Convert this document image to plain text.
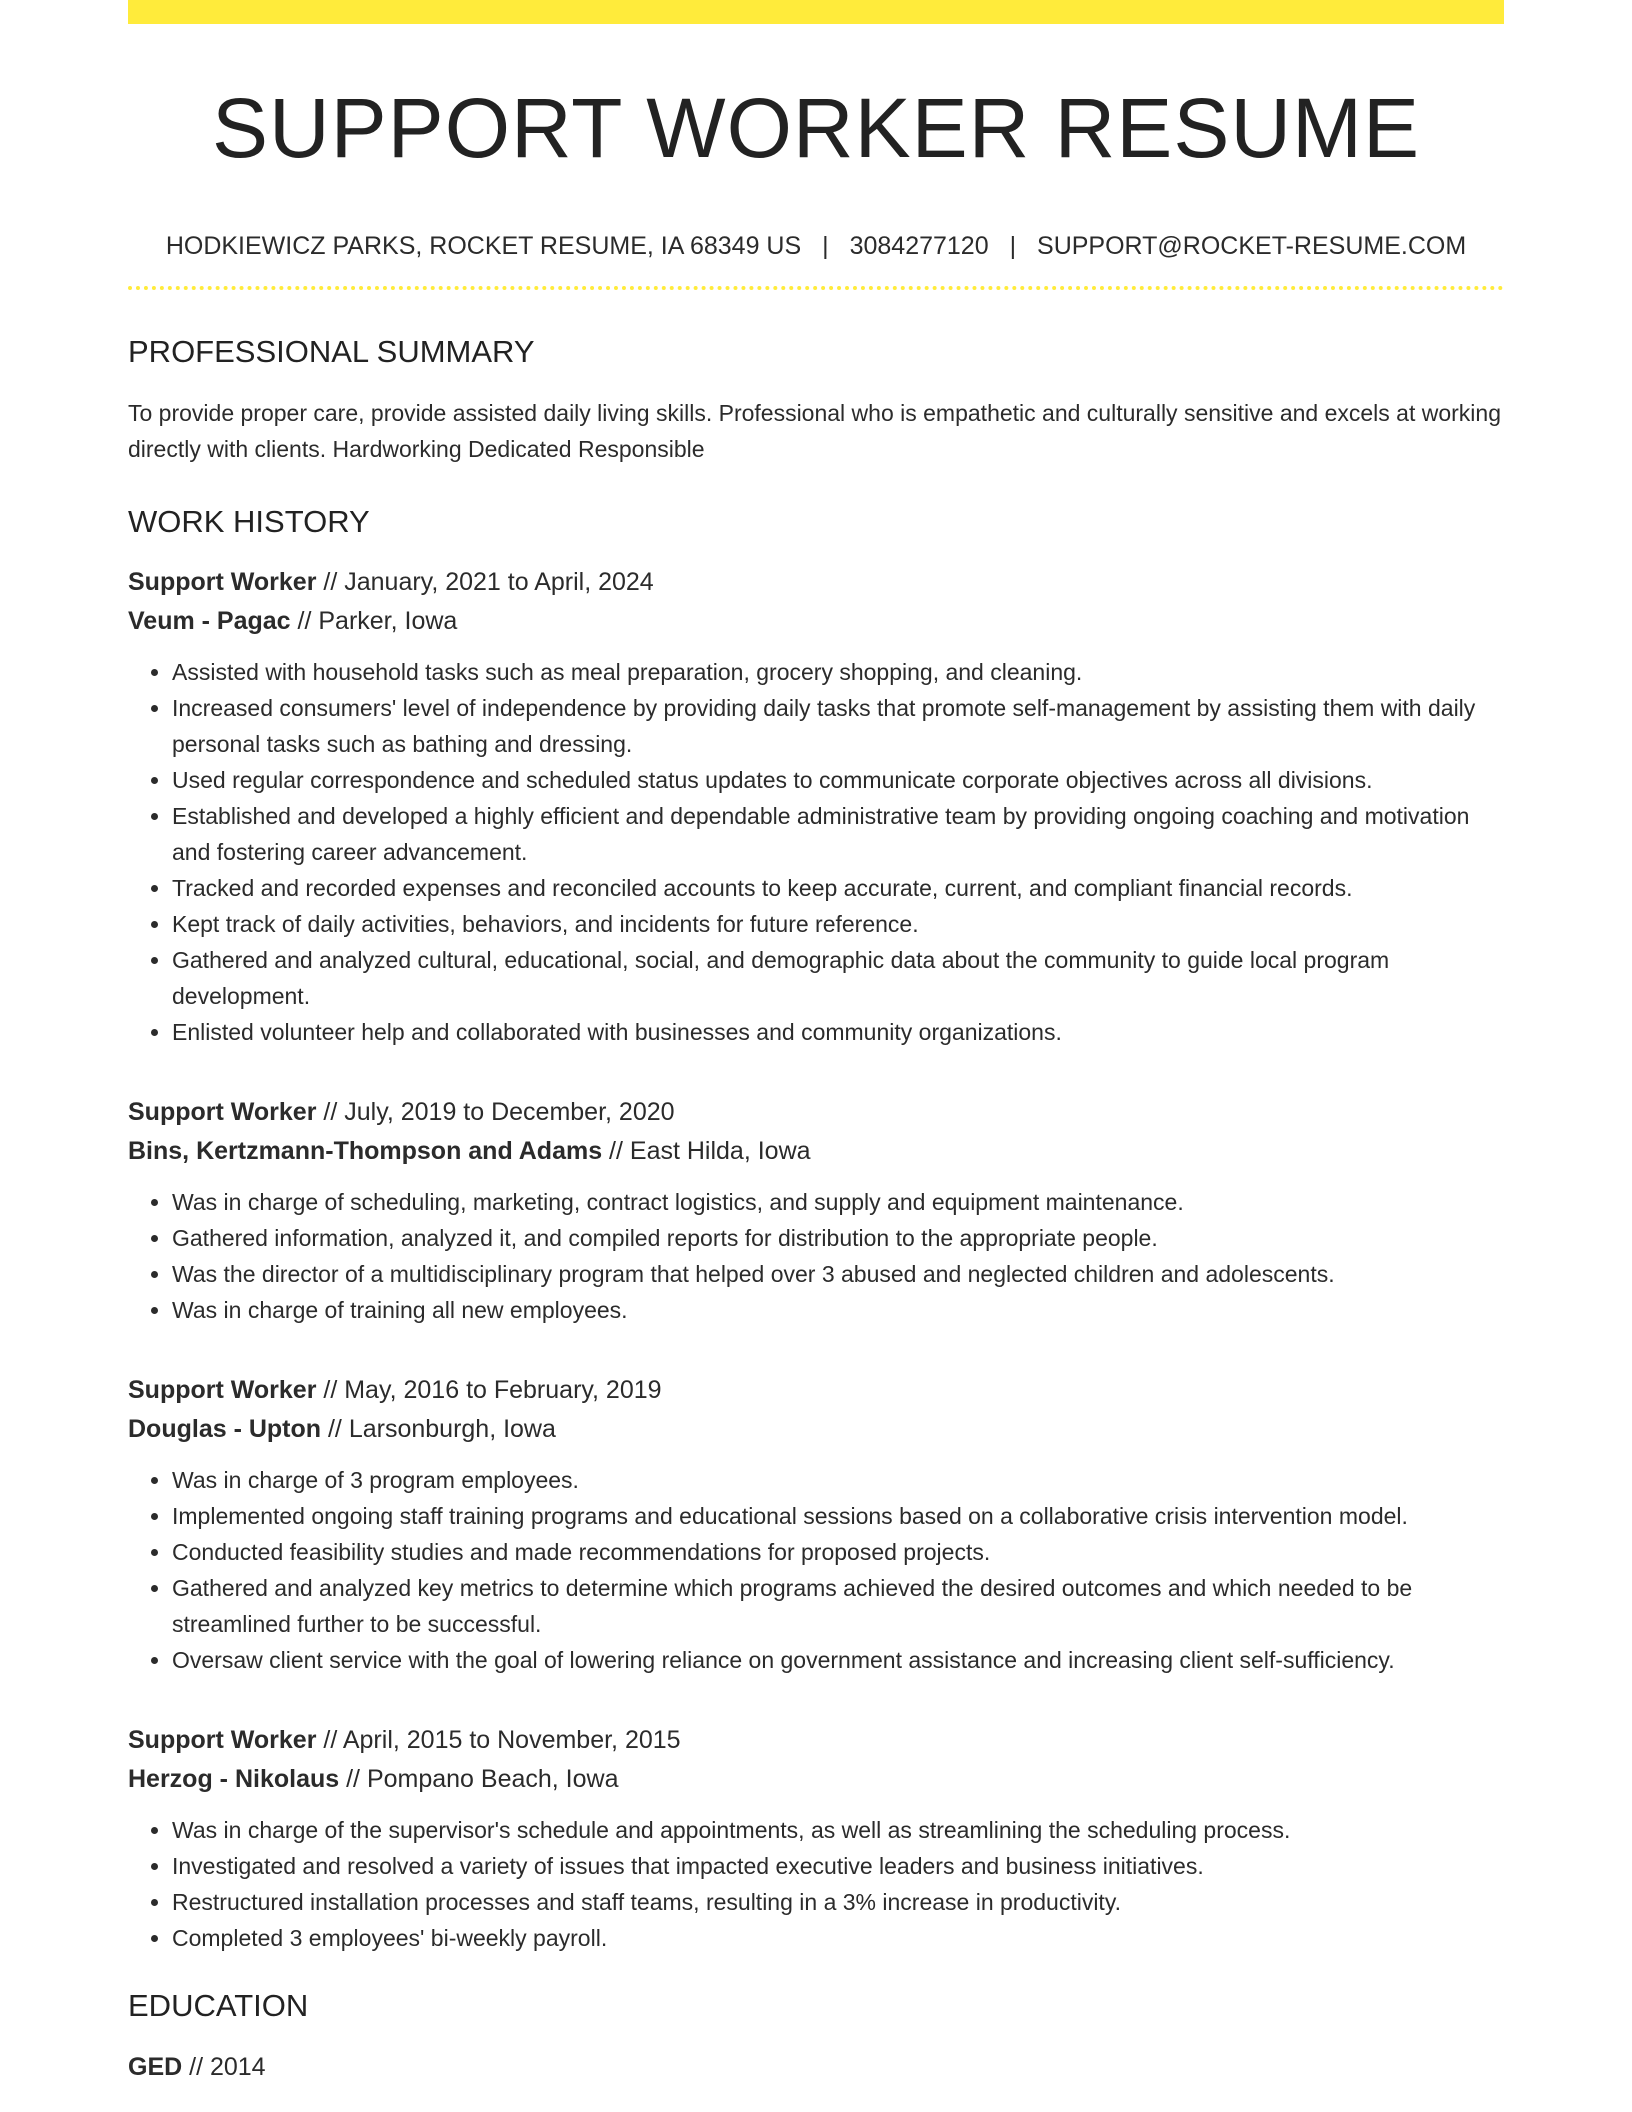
SUPPORT WORKER RESUME
HODKIEWICZ PARKS, ROCKET RESUME, IA 68349 US | 3084277120 | SUPPORT@ROCKET-RESUME.COM
PROFESSIONAL SUMMARY
To provide proper care, provide assisted daily living skills. Professional who is empathetic and culturally sensitive and excels at working directly with clients. Hardworking Dedicated Responsible
WORK HISTORY
Support Worker // January, 2021 to April, 2024
Veum - Pagac // Parker, Iowa
• Assisted with household tasks such as meal preparation, grocery shopping, and cleaning.
• Increased consumers' level of independence by providing daily tasks that promote self-management by assisting them with daily personal tasks such as bathing and dressing.
• Used regular correspondence and scheduled status updates to communicate corporate objectives across all divisions.
• Established and developed a highly efficient and dependable administrative team by providing ongoing coaching and motivation and fostering career advancement.
• Tracked and recorded expenses and reconciled accounts to keep accurate, current, and compliant financial records.
• Kept track of daily activities, behaviors, and incidents for future reference.
• Gathered and analyzed cultural, educational, social, and demographic data about the community to guide local program development.
• Enlisted volunteer help and collaborated with businesses and community organizations.
Support Worker // July, 2019 to December, 2020
Bins, Kertzmann-Thompson and Adams // East Hilda, Iowa
• Was in charge of scheduling, marketing, contract logistics, and supply and equipment maintenance.
• Gathered information, analyzed it, and compiled reports for distribution to the appropriate people.
• Was the director of a multidisciplinary program that helped over 3 abused and neglected children and adolescents.
• Was in charge of training all new employees.
Support Worker // May, 2016 to February, 2019
Douglas - Upton // Larsonburgh, Iowa
• Was in charge of 3 program employees.
• Implemented ongoing staff training programs and educational sessions based on a collaborative crisis intervention model.
• Conducted feasibility studies and made recommendations for proposed projects.
• Gathered and analyzed key metrics to determine which programs achieved the desired outcomes and which needed to be streamlined further to be successful.
• Oversaw client service with the goal of lowering reliance on government assistance and increasing client self-sufficiency.
Support Worker // April, 2015 to November, 2015
Herzog - Nikolaus // Pompano Beach, Iowa
• Was in charge of the supervisor's schedule and appointments, as well as streamlining the scheduling process.
• Investigated and resolved a variety of issues that impacted executive leaders and business initiatives.
• Restructured installation processes and staff teams, resulting in a 3% increase in productivity.
• Completed 3 employees' bi-weekly payroll.
EDUCATION
GED // 2014
